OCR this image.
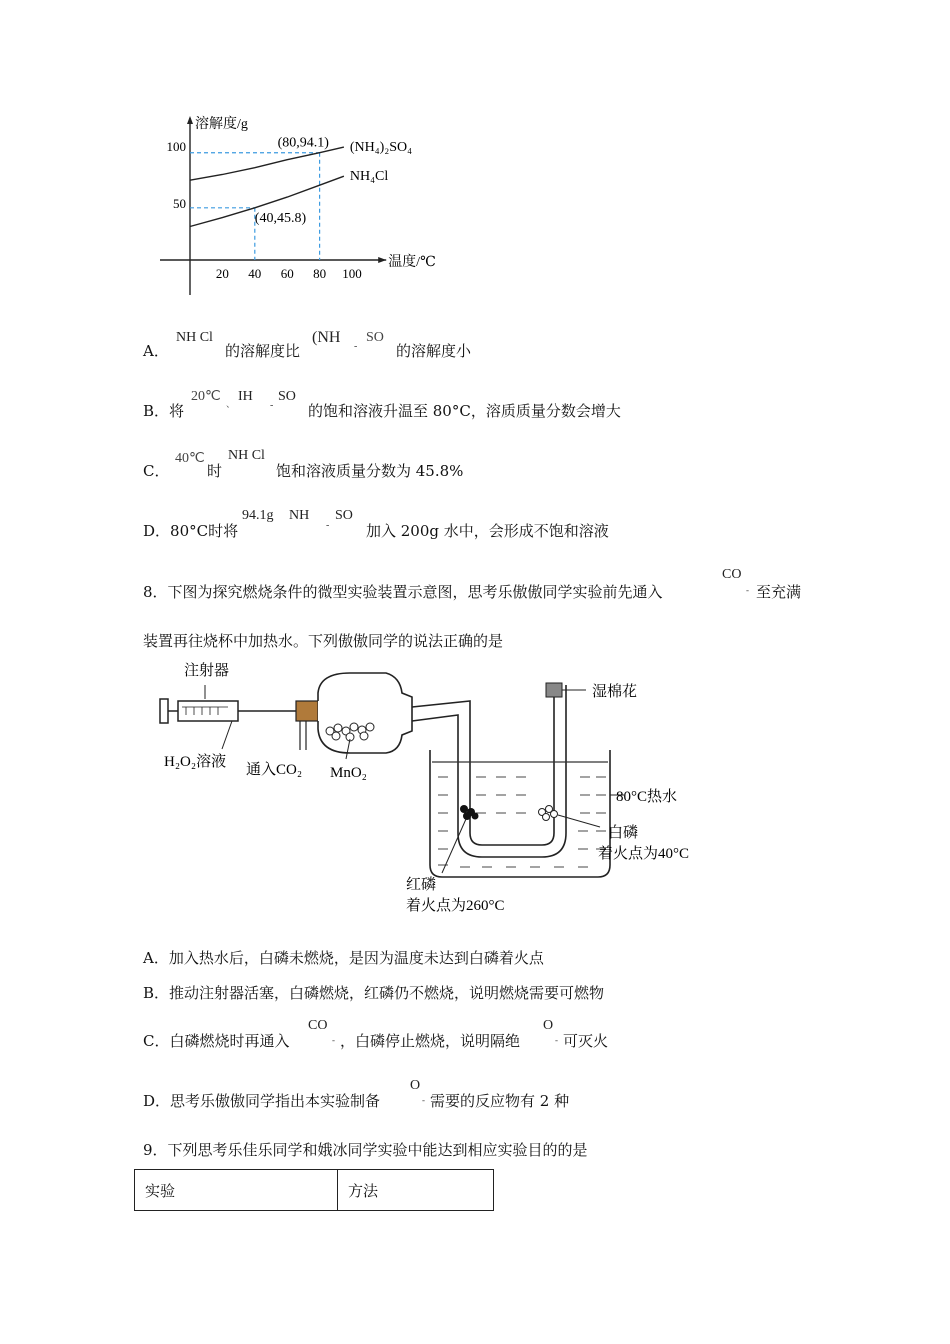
溶解度/g
温度/℃
20 40 60 80 100
100
50
(NH₄)₂SO₄
NH₄Cl
(80,94.1)
(40,45.8)
A．
NH Cl
的溶解度比
(NH SO
-	的溶解度小
B．将
20℃ 、 IH
-
SO
的饱和溶液升温至 80°C，溶质质量分数会增大
C．
40℃
时
NH Cl
饱和溶液质量分数为 45.8%
D．80°C时将
94.1g NH
-
SO
加入 200g 水中，会形成不饱和溶液
8．下图为探究燃烧条件的微型实验装置示意图，思考乐傲傲同学实验前先通入
CO
- 至充满
装置再往烧杯中加热水。下列傲傲同学的说法正确的是
注射器
H₂O₂溶液 通入CO₂ MnO₂
湿棉花
80°C热水
红磷
着火点为260°C
白磷
着火点为40°C
A．加入热水后，白磷未燃烧，是因为温度未达到白磷着火点
B．推动注射器活塞，白磷燃烧，红磷仍不燃烧，说明燃烧需要可燃物
C．白磷燃烧时再通入
CO
- ，白磷停止燃烧，说明隔绝
O
- 可灭火
D．思考乐傲傲同学指出本实验制备
O
- 需要的反应物有 2 种
9．下列思考乐佳乐同学和娥冰同学实验中能达到相应实验目的的是
实验	方法
